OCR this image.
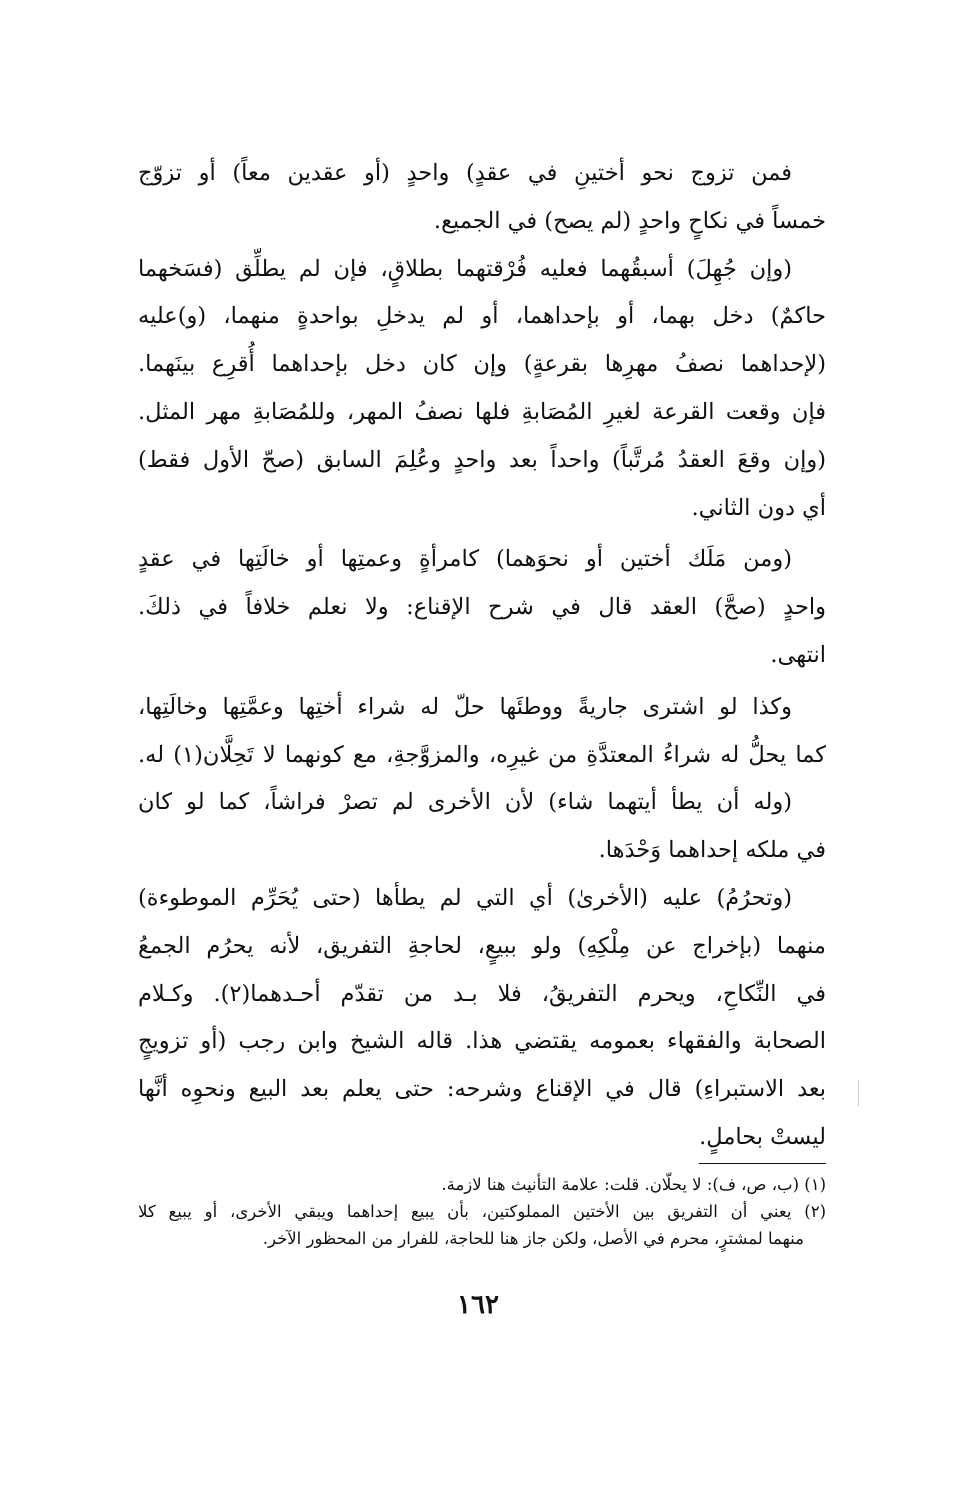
فمن تزوج نحو أختينِ في عقدٍ) واحدٍ (أو عقدين معاً) أو تزوّج
خمساً في نكاحٍ واحدٍ (لم يصح) في الجميع.
(وإن جُهِلَ) أسبقُهما فعليه فُرْقتهما بطلاقٍ، فإن لم يطلِّق (فسَخهما
حاكمٌ) دخل بهما، أو بإحداهما، أو لم يدخلِ بواحدةٍ منهما، (و)عليه
(لإحداهما نصفُ مهرِها بقرعةٍ) وإن كان دخل بإحداهما أُقرِع بينَهما.
فإن وقعت القرعة لغيرِ المُصَابةِ فلها نصفُ المهر، وللمُصَابةِ مهر المثل.
(وإن وقعَ العقدُ مُرتَّباً) واحداً بعد واحدٍ وعُلِمَ السابق (صحّ الأول فقط)
أي دون الثاني.
(ومن مَلَك أختين أو نحوَهما) كامرأةٍ وعمتِها أو خالَتِها في عقدٍ
واحدٍ (صحَّ) العقد قال في شرح الإقناع: ولا نعلم خلافاً في ذلكَ.
انتهى.
وكذا لو اشترى جاريةً ووطئَها حلّ له شراء أختِها وعمَّتِها وخالَتِها،
كما يحلُّ له شراءُ المعتدَّةِ من غيرِه، والمزوَّجةِ، مع كونهما لا تَحِلَّان(١) له.
(وله أن يطأ أيتهما شاء) لأن الأخرى لم تصرْ فراشاً، كما لو كان
في ملكه إحداهما وَحْدَها.
(وتحرُمُ) عليه (الأخرىٰ) أي التي لم يطأها (حتى يُحَرِّم الموطوءة)
منهما (بإخراج عن مِلْكِهِ) ولو ببيعٍ، لحاجةِ التفريق، لأنه يحرُم الجمعُ
في النِّكاحِ، ويحرم التفريقُ، فلا بـد من تقدّم أحـدهما(٢). وكـلام
الصحابة والفقهاء بعمومه يقتضي هذا. قاله الشيخ وابن رجب (أو تزويجٍ
بعد الاستبراءِ) قال في الإقناع وشرحه: حتى يعلم بعد البيع ونحوِه أنَّها
ليستْ بحاملٍ.
(١) (ب، ص، ف): لا يحلّان. قلت: علامة التأنيث هنا لازمة.
(٢) يعني أن التفريق بين الأختين المملوكتين، بأن يبيع إحداهما ويبقي الأخرى، أو يبيع كلا
منهما لمشترٍ، محرم في الأصل، ولكن جاز هنا للحاجة، للفرار من المحظور الآخر.
١٦٢
